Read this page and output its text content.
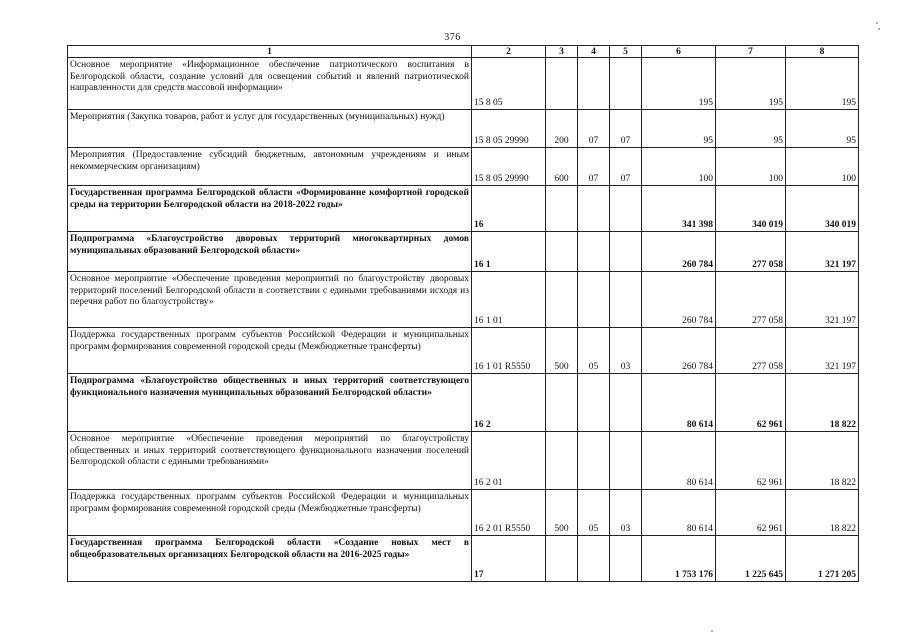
376
1	2	3	4	5	6	7	8
Основное мероприятие «Информационное обеспечение патриотического воспитания в Белгородской области, создание условий для освещения событий и явлений патриотической направленности для средств массовой информации»	15 8 05				195	195	195
Мероприятия (Закупка товаров, работ и услуг для государственных (муниципальных) нужд)	15 8 05 29990	200	07	07	95	95	95
Мероприятия (Предоставление субсидий бюджетным, автономным учреждениям и иным некоммерческим организациям)	15 8 05 29990	600	07	07	100	100	100
Государственная программа Белгородской области «Формирование комфортной городской среды на территории Белгородской области на 2018-2022 годы»	16				341 398	340 019	340 019
Подпрограмма «Благоустройство дворовых территорий многоквартирных домов муниципальных образований Белгородской области»	16 1				260 784	277 058	321 197
Основное мероприятие «Обеспечение проведения мероприятий по благоустройству дворовых территорий поселений Белгородской области в соответствии с едиными требованиями исходя из перечня работ по благоустройству»	16 1 01				260 784	277 058	321 197
Поддержка государственных программ субъектов Российской Федерации и муниципальных программ формирования современной городской среды (Межбюджетные трансферты)	16 1 01 R5550	500	05	03	260 784	277 058	321 197
Подпрограмма «Благоустройство общественных и иных территорий соответствующего функционального назначения муниципальных образований Белгородской области»	16 2				80 614	62 961	18 822
Основное мероприятие «Обеспечение проведения мероприятий по благоустройству общественных и иных территорий соответствующего функционального назначения поселений Белгородской области с едиными требованиями»	16 2 01				80 614	62 961	18 822
Поддержка государственных программ субъектов Российской Федерации и муниципальных программ формирования современной городской среды (Межбюджетные трансферты)	16 2 01 R5550	500	05	03	80 614	62 961	18 822
Государственная программа Белгородской области «Создание новых мест в общеобразовательных организациях Белгородской области на 2016-2025 годы»	17				1 753 176	1 225 645	1 271 205
